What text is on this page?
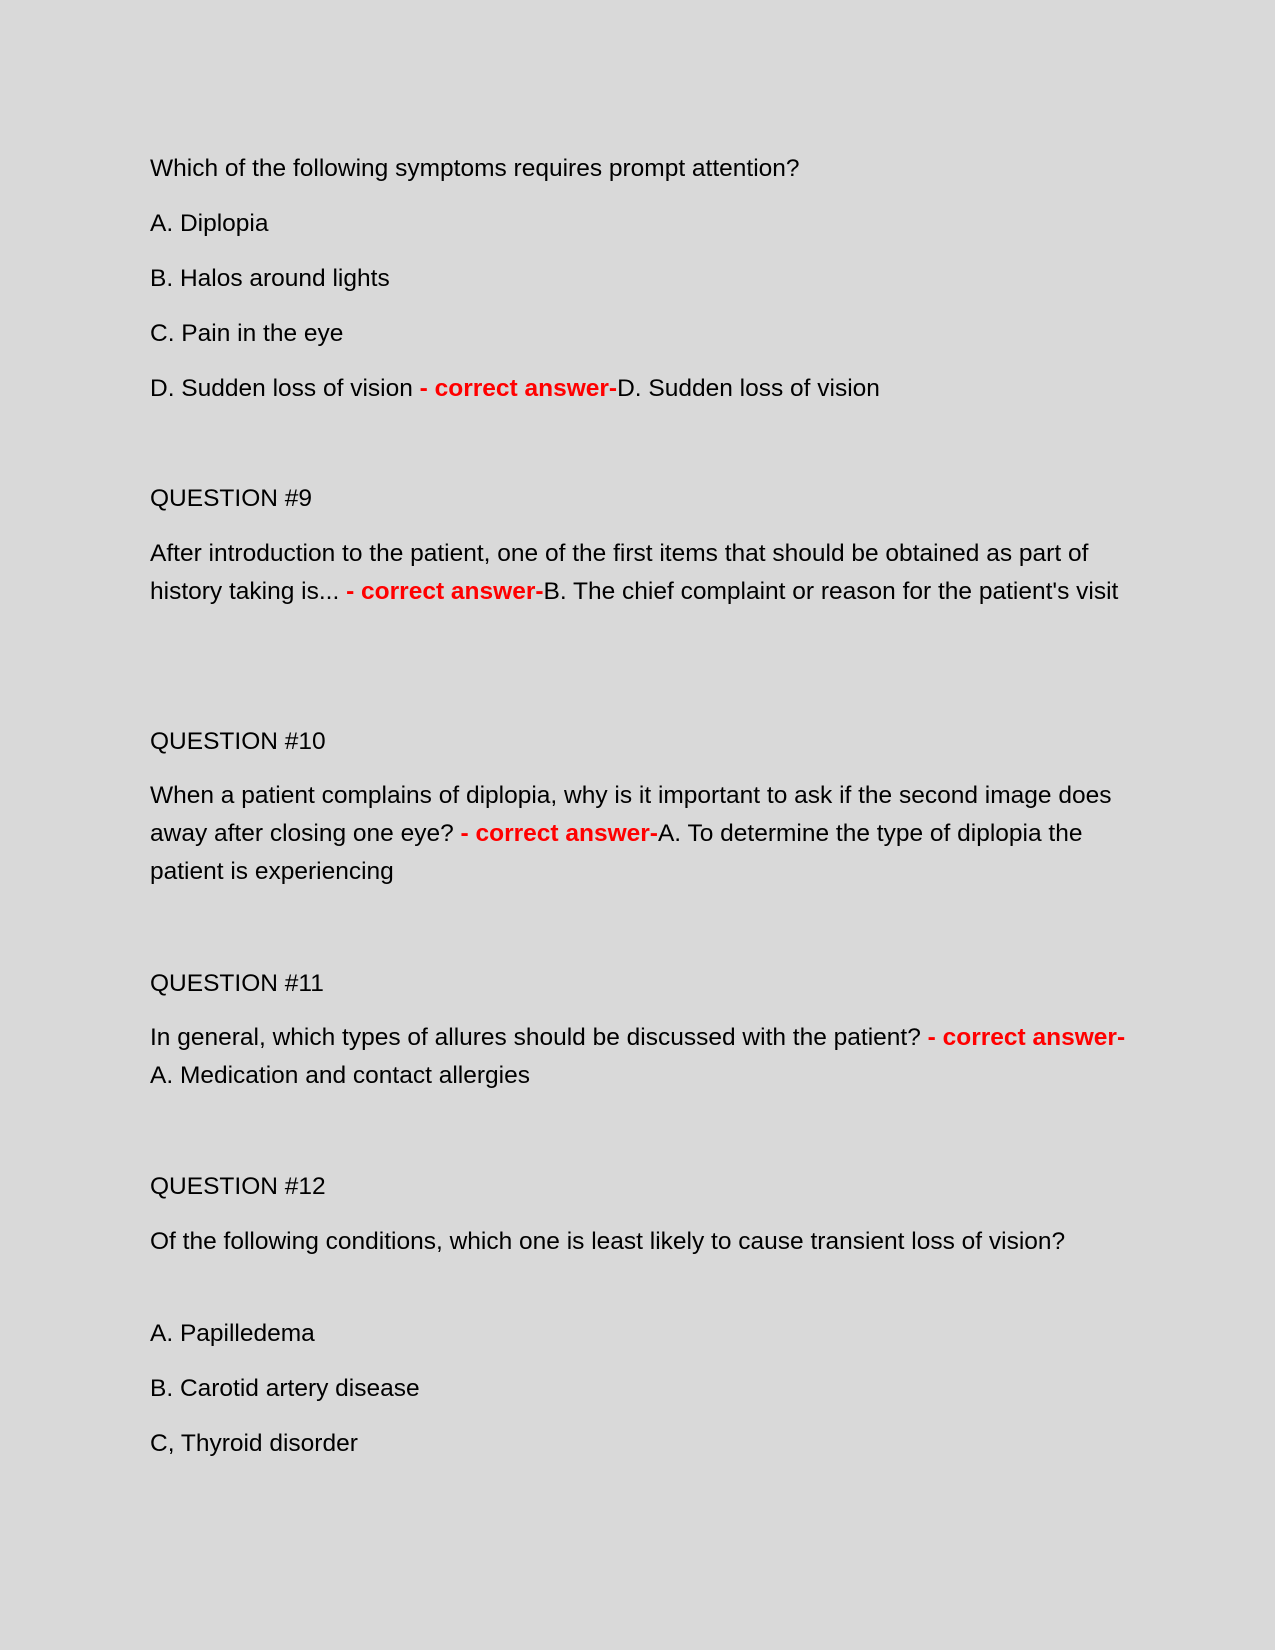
Which of the following symptoms requires prompt attention?

A. Diplopia

B. Halos around lights

C. Pain in the eye

D. Sudden loss of vision - correct answer-D. Sudden loss of vision

QUESTION #9

After introduction to the patient, one of the first items that should be obtained as part of history taking is... - correct answer-B. The chief complaint or reason for the patient's visit

QUESTION #10

When a patient complains of diplopia, why is it important to ask if the second image does away after closing one eye? - correct answer-A. To determine the type of diplopia the patient is experiencing

QUESTION #11

In general, which types of allures should be discussed with the patient? - correct answer-A. Medication and contact allergies

QUESTION #12

Of the following conditions, which one is least likely to cause transient loss of vision?

A. Papilledema

B. Carotid artery disease

C, Thyroid disorder
